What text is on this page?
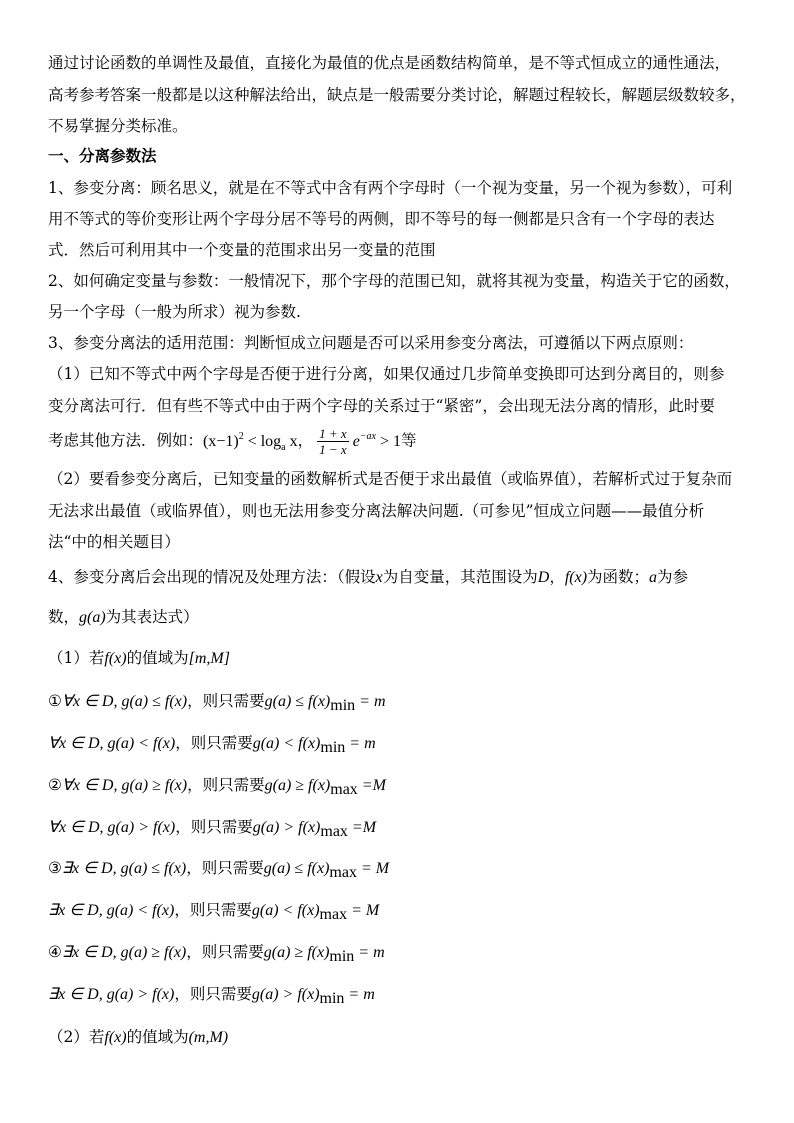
通过讨论函数的单调性及最值，直接化为最值的优点是函数结构简单，是不等式恒成立的通性通法，
高考参考答案一般都是以这种解法给出，缺点是一般需要分类讨论，解题过程较长，解题层级数较多，
不易掌握分类标准。
一、分离参数法
1、参变分离：顾名思义，就是在不等式中含有两个字母时（一个视为变量，另一个视为参数），可利
用不等式的等价变形让两个字母分居不等号的两侧，即不等号的每一侧都是只含有一个字母的表达
式．然后可利用其中一个变量的范围求出另一变量的范围
2、如何确定变量与参数：一般情况下，那个字母的范围已知，就将其视为变量，构造关于它的函数，
另一个字母（一般为所求）视为参数.
3、参变分离法的适用范围：判断恒成立问题是否可以采用参变分离法，可遵循以下两点原则：
（1）已知不等式中两个字母是否便于进行分离，如果仅通过几步简单变换即可达到分离目的，则参
变分离法可行．但有些不等式中由于两个字母的关系过于“紧密”，会出现无法分离的情形，此时要
考虑其他方法．例如：$(x-1)^2 < \log_a x$， $\frac{1 + x}{1 - x} e^{-ax} > 1$等
（2）要看参变分离后，已知变量的函数解析式是否便于求出最值（或临界值），若解析式过于复杂而
无法求出最值（或临界值），则也无法用参变分离法解决问题.（可参见”恒成立问题——最值分析
法“中的相关题目）
4、参变分离后会出现的情况及处理方法：（假设x为自变量，其范围设为D，f(x)为函数；a为参
数，g(a)为其表达式）
（1）若f(x)的值域为[m,M]
①∀x ∈ D, g(a) ≤ f(x)，则只需要$g(a) \le f(x)_{min} = m$
∀x ∈ D, g(a) < f(x)，则只需要$g(a) < f(x)_{min} = m$
②∀x ∈ D, g(a) ≥ f(x)，则只需要$g(a) \ge f(x)_{max} =M$
∀x ∈ D, g(a) > f(x)，则只需要$g(a) > f(x)_{max} =M$
③∃x ∈ D, g(a) ≤ f(x)，则只需要$g(a) \le f(x)_{max} = M$
∃x ∈ D, g(a) < f(x)，则只需要$g(a) < f(x)_{max} = M$
④∃x ∈ D, g(a) ≥ f(x)，则只需要$g(a) \ge f(x)_{min} = m$
∃x ∈ D, g(a) > f(x)，则只需要$g(a) > f(x)_{min} = m$
（2）若f(x)的值域为(m,M)
